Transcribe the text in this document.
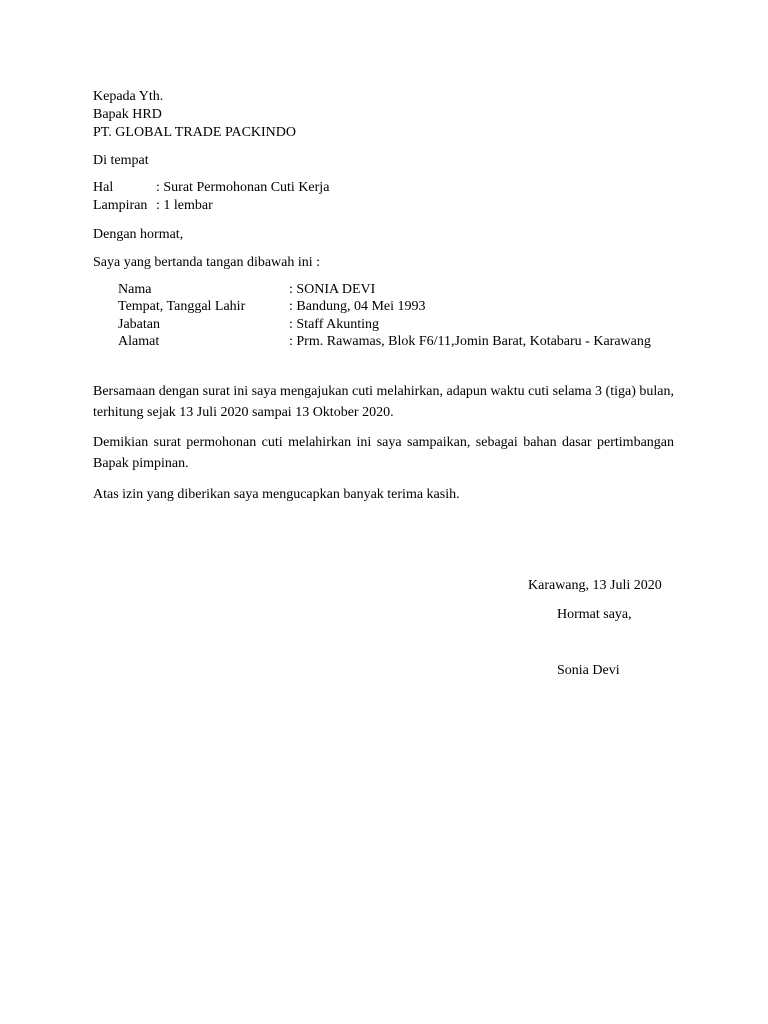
Kepada Yth.
Bapak HRD
PT. GLOBAL TRADE PACKINDO
Di tempat
Hal	: Surat Permohonan Cuti Kerja
Lampiran : 1 lembar
Dengan hormat,
Saya yang bertanda tangan dibawah ini :
Nama	: SONIA DEVI
Tempat, Tanggal Lahir	: Bandung, 04 Mei 1993
Jabatan	: Staff Akunting
Alamat	: Prm. Rawamas, Blok F6/11,Jomin Barat, Kotabaru - Karawang
Bersamaan dengan surat ini saya mengajukan cuti melahirkan, adapun waktu cuti selama 3 (tiga) bulan, terhitung sejak 13 Juli 2020 sampai 13 Oktober 2020.
Demikian surat permohonan cuti melahirkan ini saya sampaikan, sebagai bahan dasar pertimbangan Bapak pimpinan.
Atas izin yang diberikan saya mengucapkan banyak terima kasih.
Karawang, 13 Juli 2020
Hormat saya,
Sonia Devi
